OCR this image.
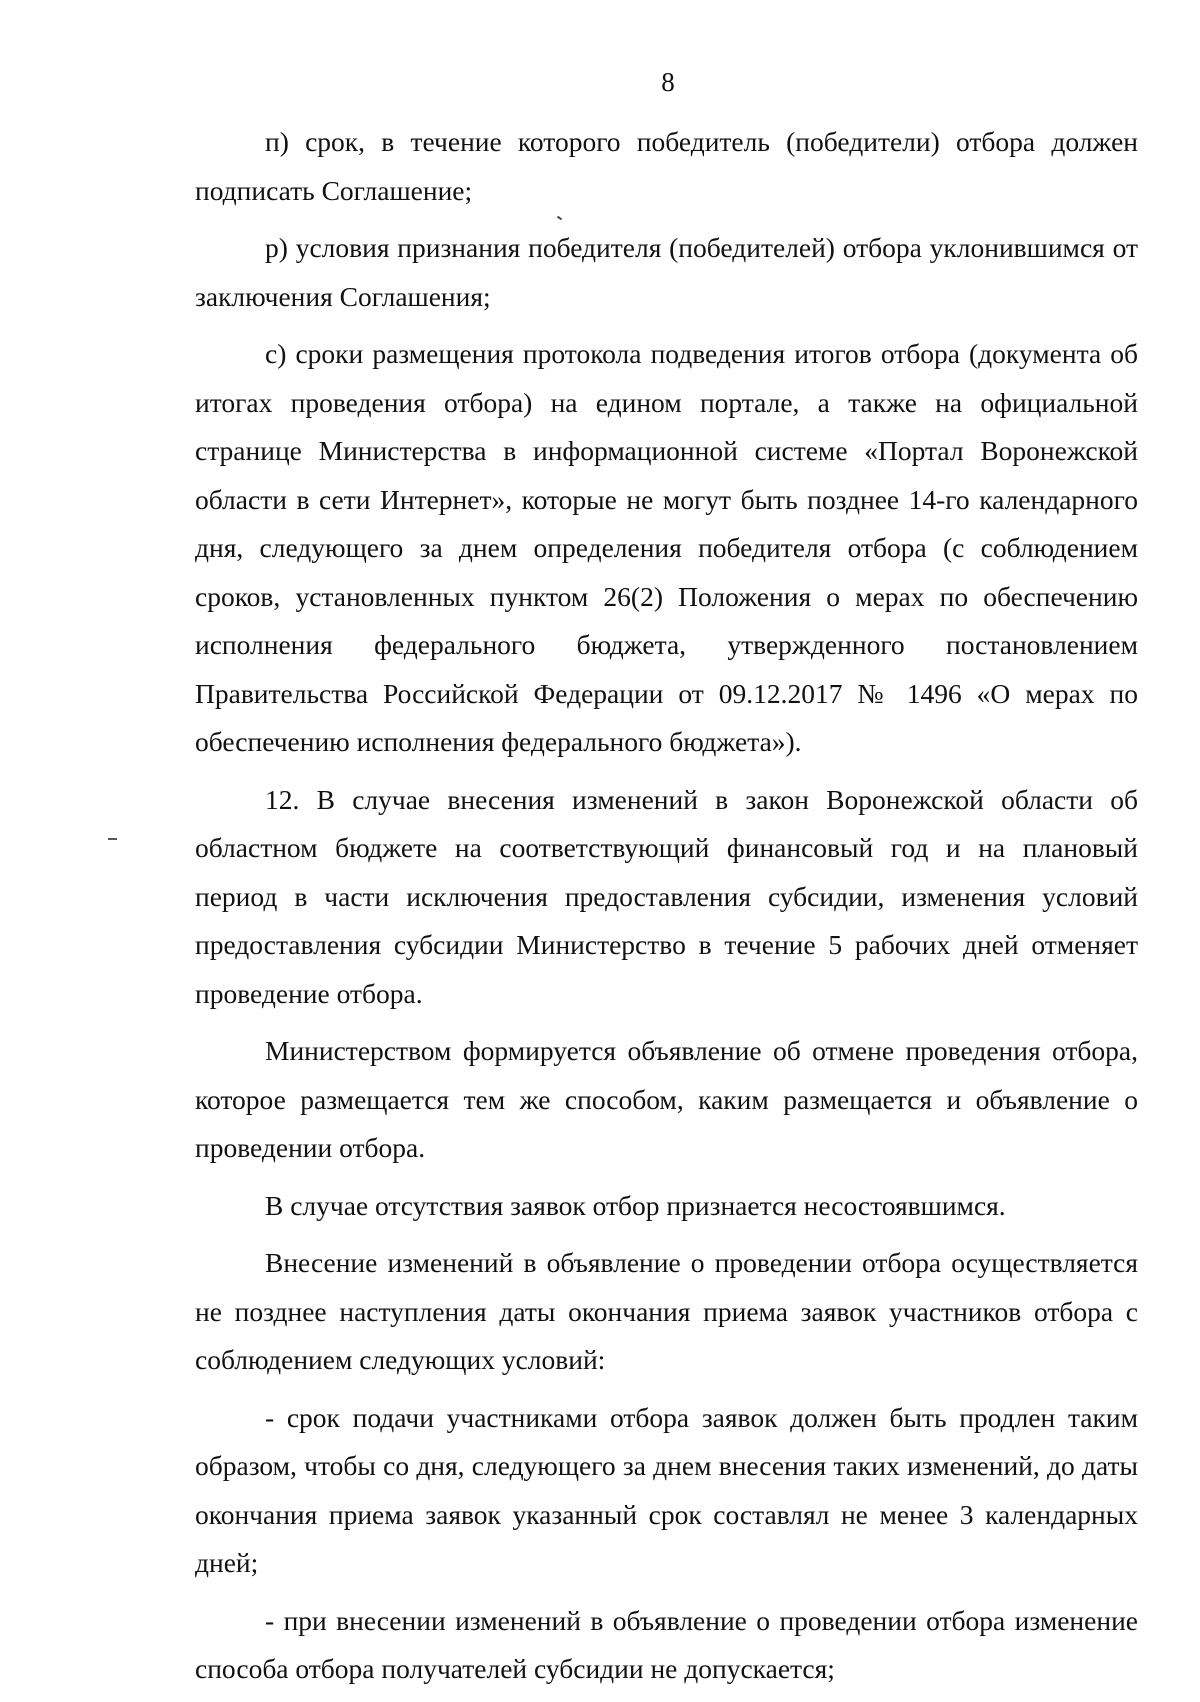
8

п) срок, в течение которого победитель (победители) отбора должен подписать Соглашение;

р) условия признания победителя (победителей) отбора уклонившимся от заключения Соглашения;

с) сроки размещения протокола подведения итогов отбора (документа об итогах проведения отбора) на едином портале, а также на официальной странице Министерства в информационной системе «Портал Воронежской области в сети Интернет», которые не могут быть позднее 14-го календарного дня, следующего за днем определения победителя отбора (с соблюдением сроков, установленных пунктом 26(2) Положения о мерах по обеспечению исполнения федерального бюджета, утвержденного постановлением Правительства Российской Федерации от 09.12.2017 № 1496 «О мерах по обеспечению исполнения федерального бюджета»).

12. В случае внесения изменений в закон Воронежской области об областном бюджете на соответствующий финансовый год и на плановый период в части исключения предоставления субсидии, изменения условий предоставления субсидии Министерство в течение 5 рабочих дней отменяет проведение отбора.

Министерством формируется объявление об отмене проведения отбора, которое размещается тем же способом, каким размещается и объявление о проведении отбора.

В случае отсутствия заявок отбор признается несостоявшимся.

Внесение изменений в объявление о проведении отбора осуществляется не позднее наступления даты окончания приема заявок участников отбора с соблюдением следующих условий:

- срок подачи участниками отбора заявок должен быть продлен таким образом, чтобы со дня, следующего за днем внесения таких изменений, до даты окончания приема заявок указанный срок составлял не менее 3 календарных дней;

- при внесении изменений в объявление о проведении отбора изменение способа отбора получателей субсидии не допускается;
